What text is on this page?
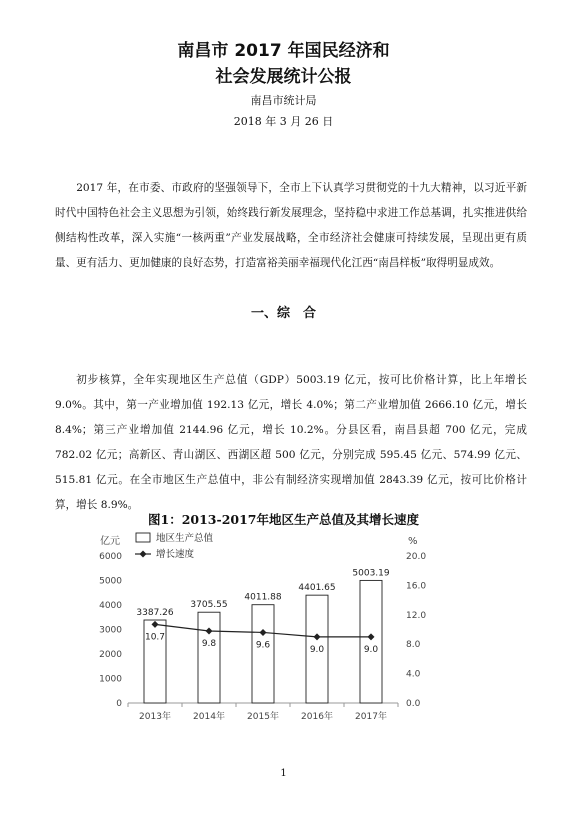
南昌市 2017 年国民经济和
社会发展统计公报
南昌市统计局
2018 年 3 月 26 日

2017 年，在市委、市政府的坚强领导下，全市上下认真学习贯彻党的十九大精神，以习近平新时代中国特色社会主义思想为引领，始终践行新发展理念，坚持稳中求进工作总基调，扎实推进供给侧结构性改革，深入实施“一核两重”产业发展战略，全市经济社会健康可持续发展，呈现出更有质量、更有活力、更加健康的良好态势，打造富裕美丽幸福现代化江西“南昌样板”取得明显成效。

一、综　合

初步核算，全年实现地区生产总值（GDP）5003.19 亿元，按可比价格计算，比上年增长 9.0%。其中，第一产业增加值 192.13 亿元，增长 4.0%；第二产业增加值 2666.10 亿元，增长 8.4%；第三产业增加值 2144.96 亿元，增长 10.2%。分县区看，南昌县超 700 亿元，完成 782.02 亿元；高新区、青山湖区、西湖区超 500 亿元，分别完成 595.45 亿元、574.99 亿元、515.81 亿元。在全市地区生产总值中，非公有制经济实现增加值 2843.39 亿元，按可比价格计算，增长 8.9%。

图1：2013-2017年地区生产总值及其增长速度
亿元	%
0
1000
2000
3000
4000
5000
6000
0.0
4.0
8.0
12.0
16.0
20.0
2013年 2014年 2015年 2016年 2017年
3387.26
3705.55
4011.88
4401.65
5003.19
10.7
9.8	9.6	9.0	9.0
地区生产总值
增长速度
1
